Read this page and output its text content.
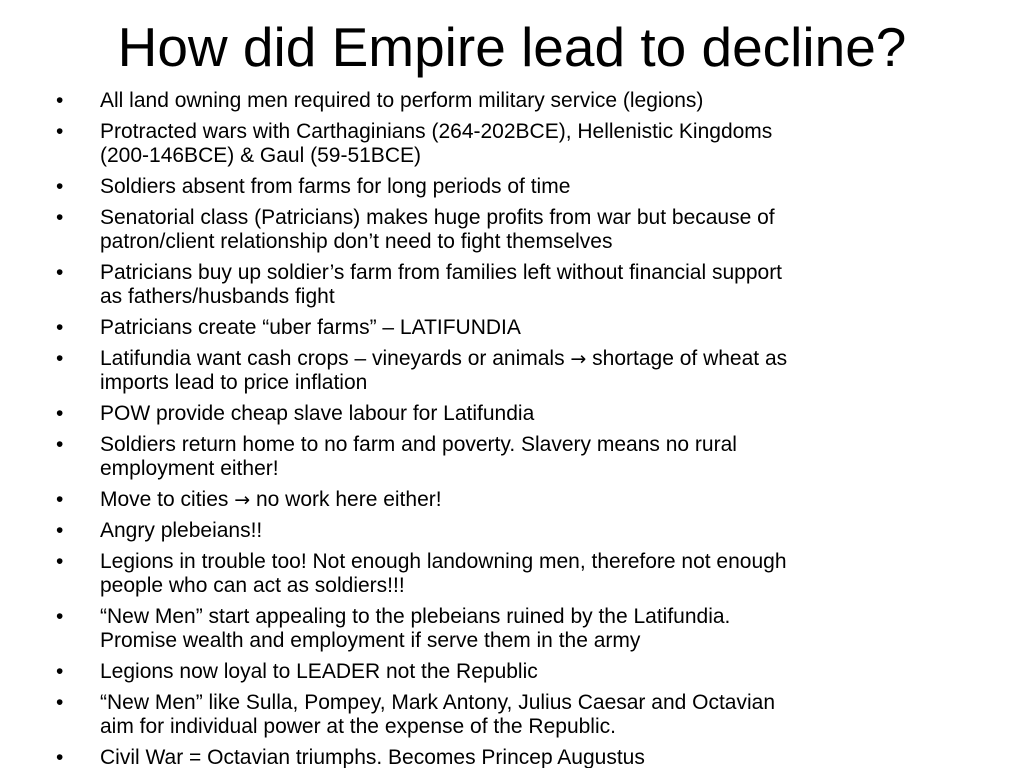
How did Empire lead to decline?
•	All land owning men required to perform military service (legions)
•	Protracted wars with Carthaginians (264-202BCE), Hellenistic Kingdoms
(200-146BCE) & Gaul (59-51BCE)
•	Soldiers absent from farms for long periods of time
•	Senatorial class (Patricians) makes huge profits from war but because of
patron/client relationship don’t need to fight themselves
•	Patricians buy up soldier’s farm from families left without financial support
as fathers/husbands fight
•	Patricians create “uber farms” – LATIFUNDIA
•	Latifundia want cash crops – vineyards or animals → shortage of wheat as
imports lead to price inflation
•	POW provide cheap slave labour for Latifundia
•	Soldiers return home to no farm and poverty. Slavery means no rural
employment either!
•	Move to cities → no work here either!
•	Angry plebeians!!
•	Legions in trouble too! Not enough landowning men, therefore not enough
people who can act as soldiers!!!
•	“New Men” start appealing to the plebeians ruined by the Latifundia.
Promise wealth and employment if serve them in the army
•	Legions now loyal to LEADER not the Republic
•	“New Men” like Sulla, Pompey, Mark Antony, Julius Caesar and Octavian
aim for individual power at the expense of the Republic.
•	Civil War = Octavian triumphs. Becomes Princep Augustus
